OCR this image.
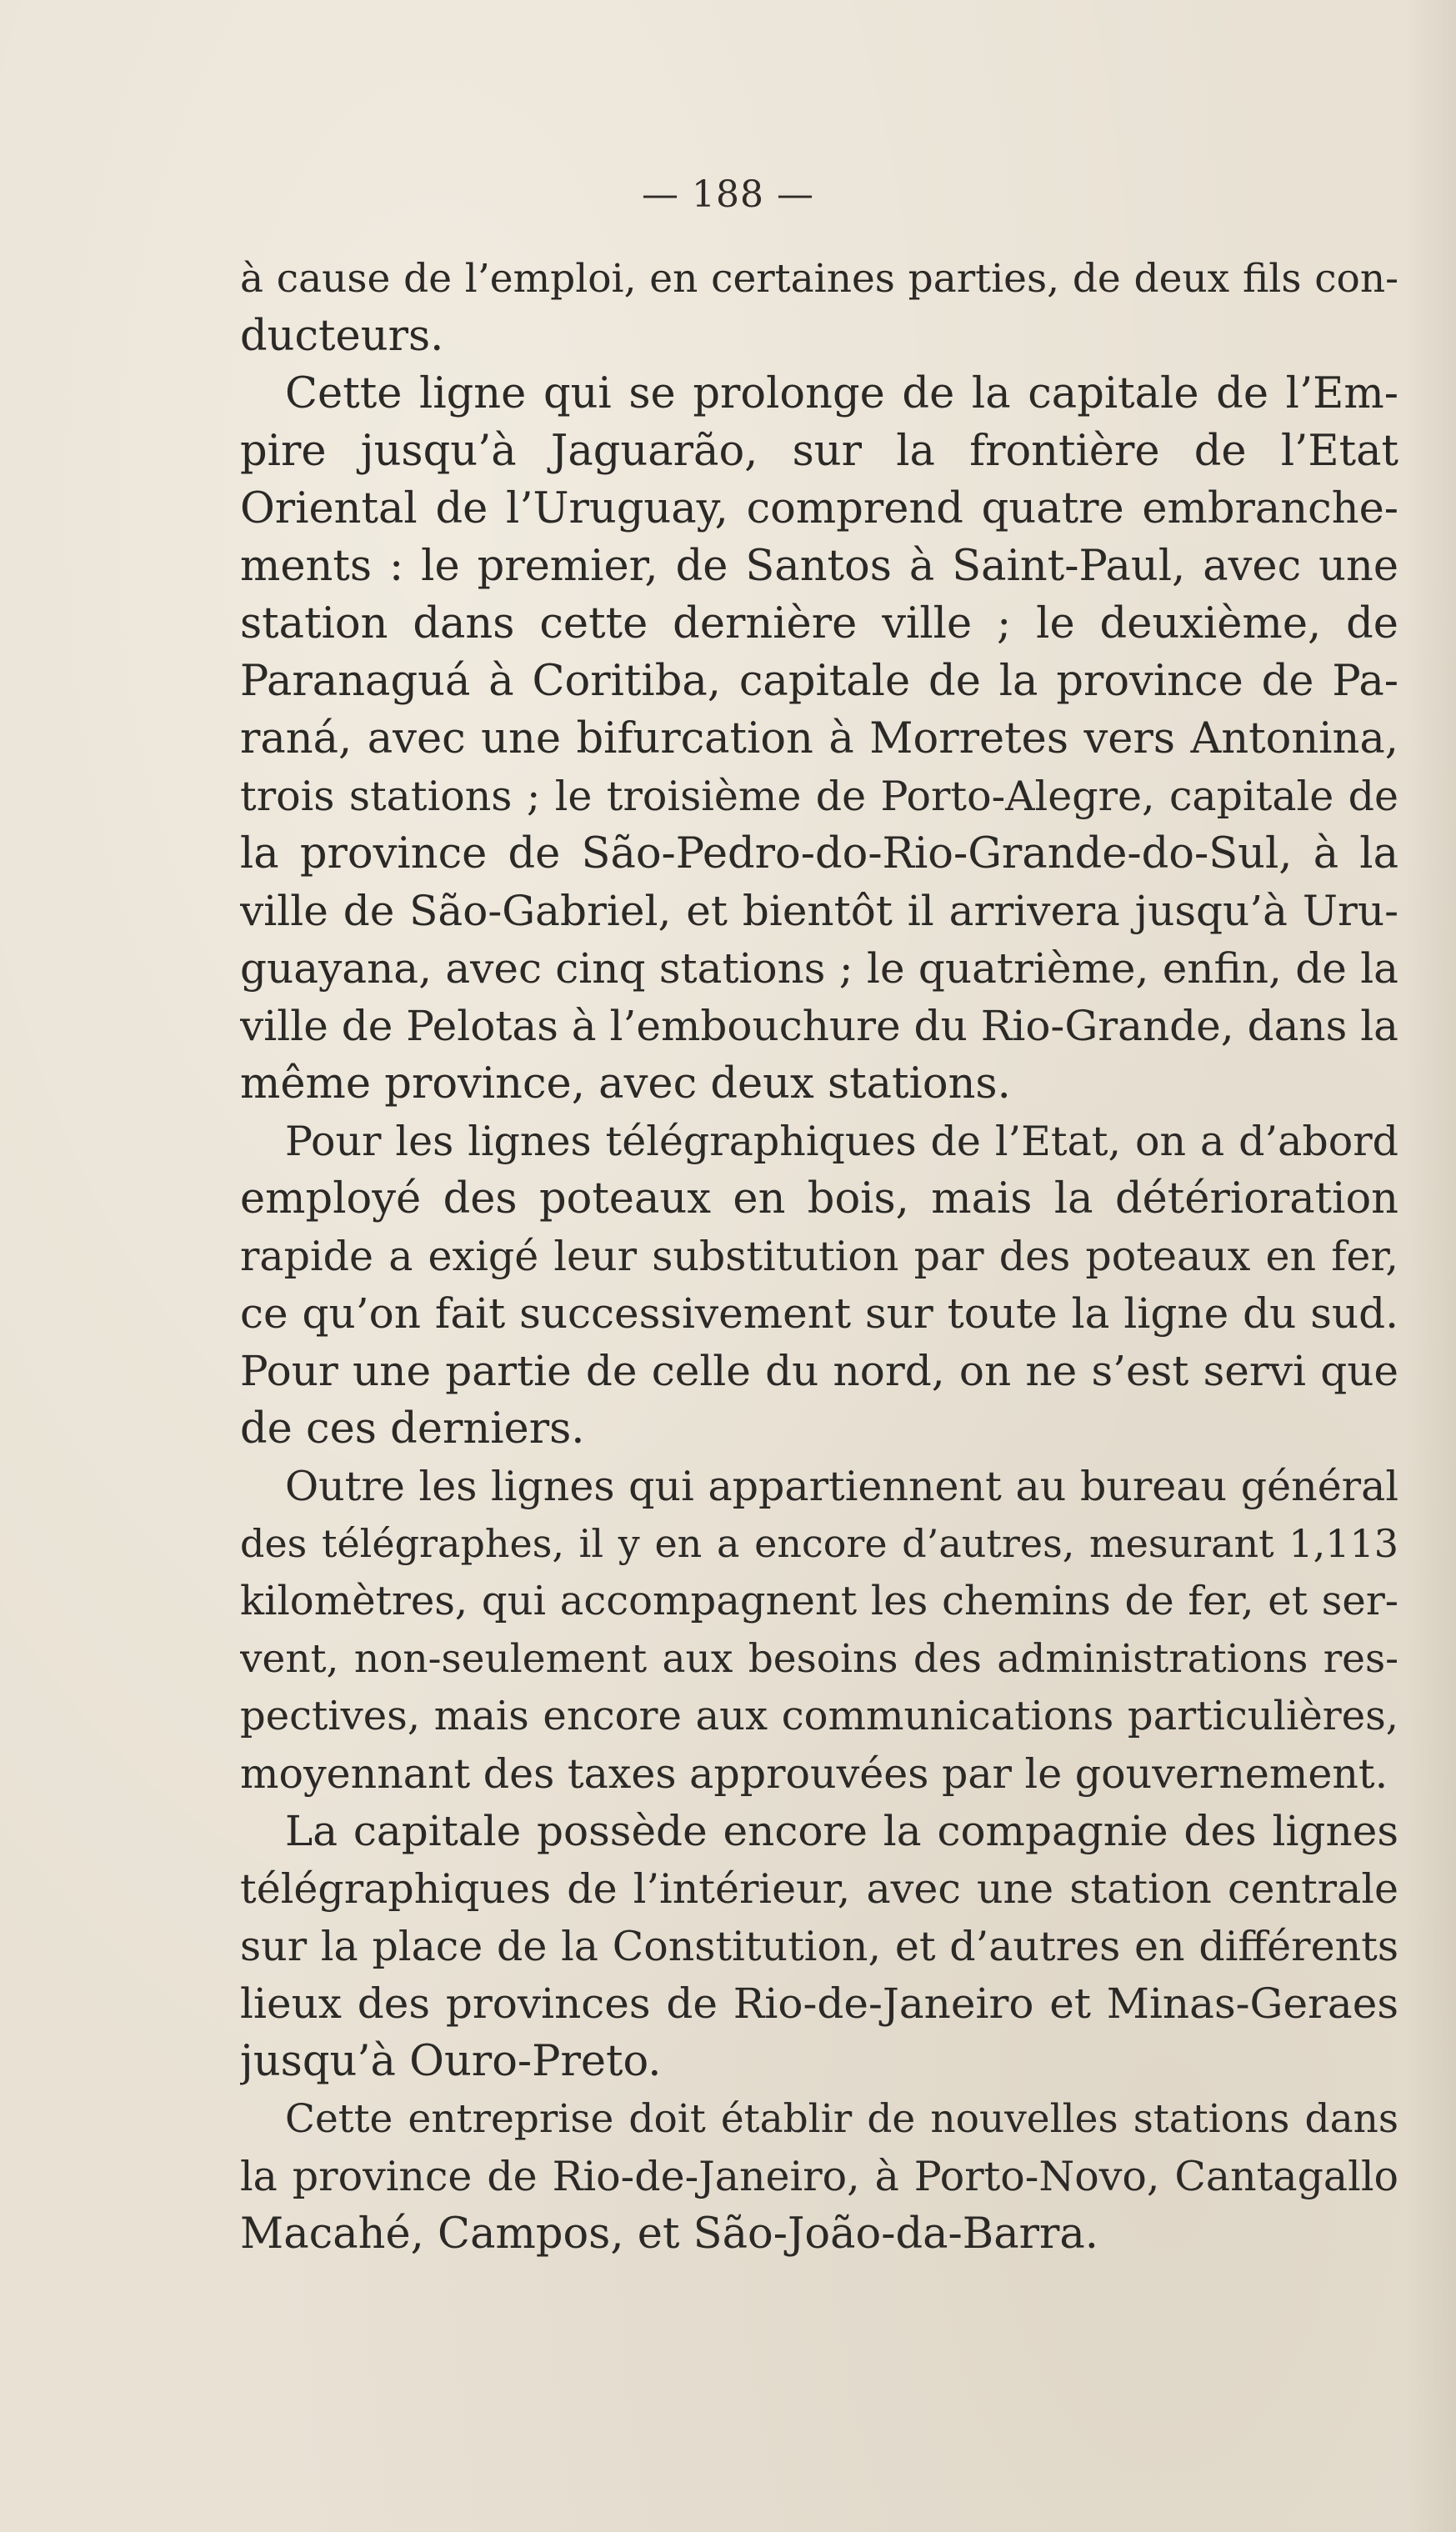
— 188 —
à cause de l’emploi, en certaines parties, de deux fils con-
ducteurs.
Cette ligne qui se prolonge de la capitale de l’Em-
pire jusqu’à Jaguarão, sur la frontière de l’Etat
Oriental de l’Uruguay, comprend quatre embranche-
ments : le premier, de Santos à Saint-Paul, avec une
station dans cette dernière ville ; le deuxième, de
Paranaguá à Coritiba, capitale de la province de Pa-
raná, avec une bifurcation à Morretes vers Antonina,
trois stations ; le troisième de Porto-Alegre, capitale de
la province de São-Pedro-do-Rio-Grande-do-Sul, à la
ville de São-Gabriel, et bientôt il arrivera jusqu’à Uru-
guayana, avec cinq stations ; le quatrième, enfin, de la
ville de Pelotas à l’embouchure du Rio-Grande, dans la
même province, avec deux stations.
Pour les lignes télégraphiques de l’Etat, on a d’abord
employé des poteaux en bois, mais la détérioration
rapide a exigé leur substitution par des poteaux en fer,
ce qu’on fait successivement sur toute la ligne du sud.
Pour une partie de celle du nord, on ne s’est servi que
de ces derniers.
Outre les lignes qui appartiennent au bureau général
des télégraphes, il y en a encore d’autres, mesurant 1,113
kilomètres, qui accompagnent les chemins de fer, et ser-
vent, non-seulement aux besoins des administrations res-
pectives, mais encore aux communications particulières,
moyennant des taxes approuvées par le gouvernement.
La capitale possède encore la compagnie des lignes
télégraphiques de l’intérieur, avec une station centrale
sur la place de la Constitution, et d’autres en différents
lieux des provinces de Rio-de-Janeiro et Minas-Geraes
jusqu’à Ouro-Preto.
Cette entreprise doit établir de nouvelles stations dans
la province de Rio-de-Janeiro, à Porto-Novo, Cantagallo
Macahé, Campos, et São-João-da-Barra.
